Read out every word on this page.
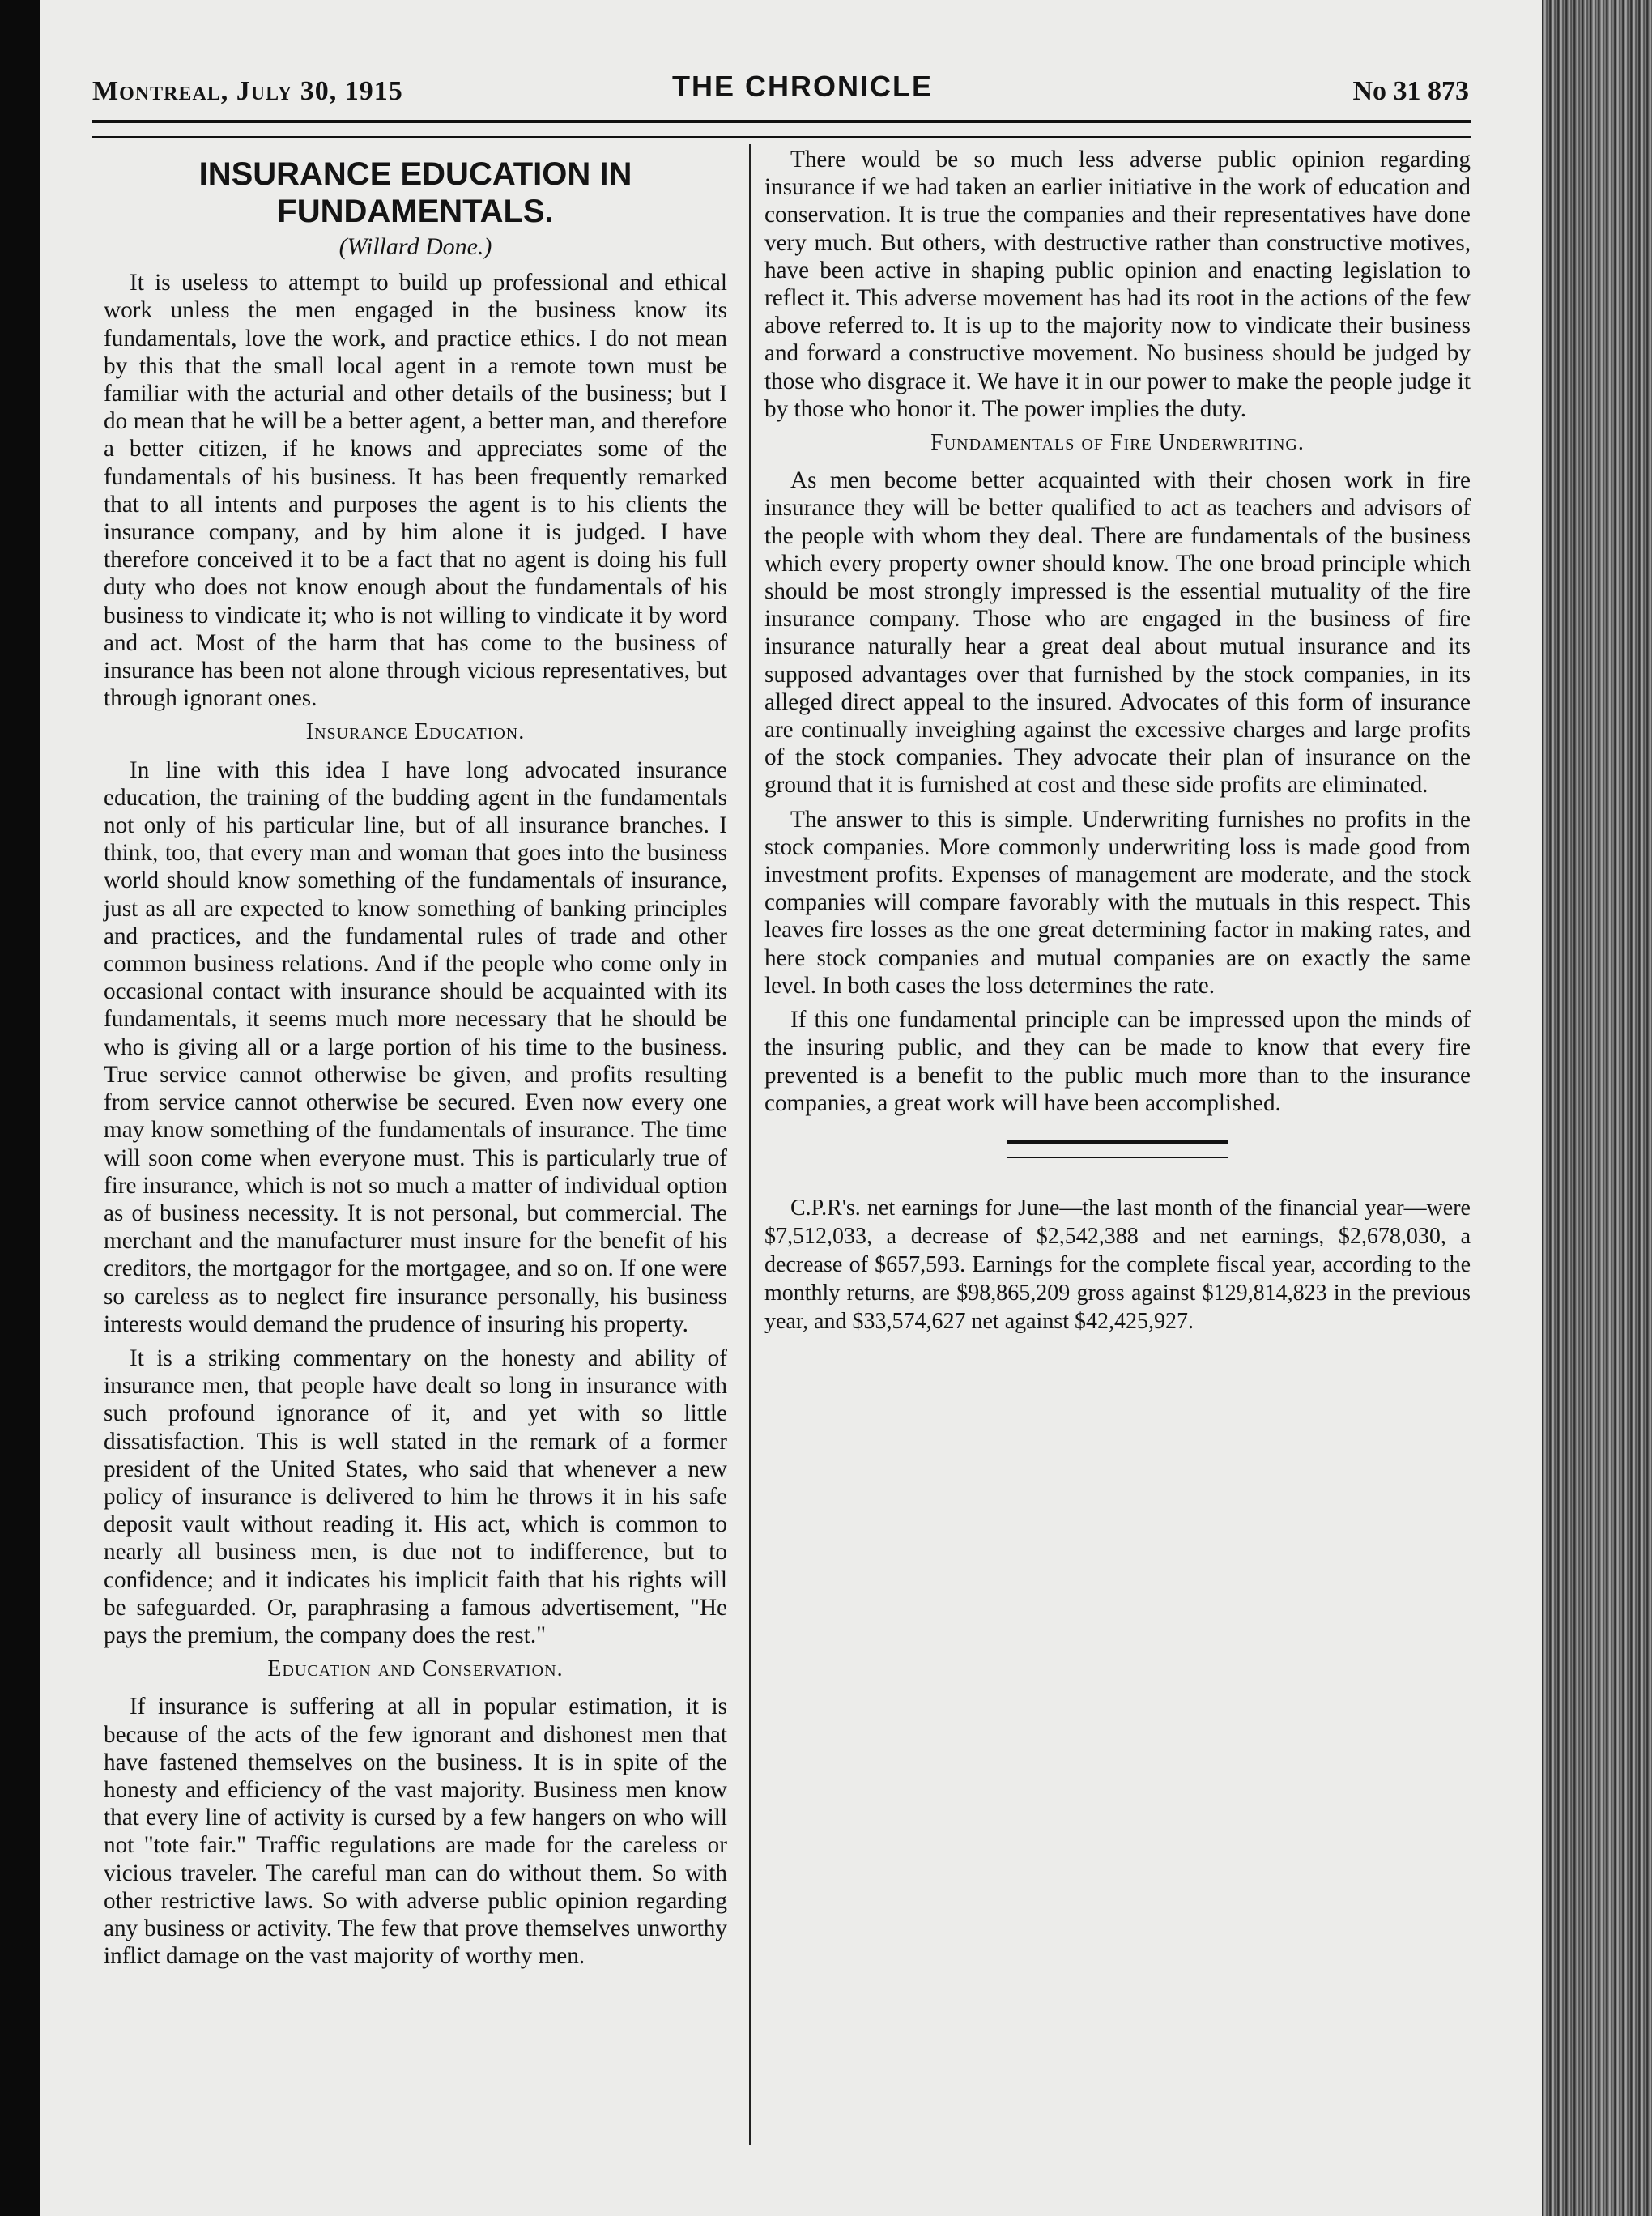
Montreal, July 30, 1915	THE CHRONICLE	No 31 873
INSURANCE EDUCATION IN FUNDAMENTALS.
(Willard Done.)

It is useless to attempt to build up professional and ethical work unless the men engaged in the business know its fundamentals, love the work, and practice ethics. I do not mean by this that the small local agent in a remote town must be familiar with the acturial and other details of the business; but I do mean that he will be a better agent, a better man, and therefore a better citizen, if he knows and appreciates some of the fundamentals of his business. It has been frequently remarked that to all intents and purposes the agent is to his clients the insurance company, and by him alone it is judged. I have therefore conceived it to be a fact that no agent is doing his full duty who does not know enough about the fundamentals of his business to vindicate it; who is not willing to vindicate it by word and act. Most of the harm that has come to the business of insurance has been not alone through vicious representatives, but through ignorant ones.

Insurance Education.

In line with this idea I have long advocated insurance education, the training of the budding agent in the fundamentals not only of his particular line, but of all insurance branches. I think, too, that every man and woman that goes into the business world should know something of the fundamentals of insurance, just as all are expected to know something of banking principles and practices, and the fundamental rules of trade and other common business relations. And if the people who come only in occasional contact with insurance should be acquainted with its fundamentals, it seems much more necessary that he should be who is giving all or a large portion of his time to the business. True service cannot otherwise be given, and profits resulting from service cannot otherwise be secured. Even now every one may know something of the fundamentals of insurance. The time will soon come when everyone must. This is particularly true of fire insurance, which is not so much a matter of individual option as of business necessity. It is not personal, but commercial. The merchant and the manufacturer must insure for the benefit of his creditors, the mortgagor for the mortgagee, and so on. If one were so careless as to neglect fire insurance personally, his business interests would demand the prudence of insuring his property.

It is a striking commentary on the honesty and ability of insurance men, that people have dealt so long in insurance with such profound ignorance of it, and yet with so little dissatisfaction. This is well stated in the remark of a former president of the United States, who said that whenever a new policy of insurance is delivered to him he throws it in his safe deposit vault without reading it. His act, which is common to nearly all business men, is due not to indifference, but to confidence; and it indicates his implicit faith that his rights will be safeguarded. Or, paraphrasing a famous advertisement, "He pays the premium, the company does the rest."

Education and Conservation.

If insurance is suffering at all in popular estimation, it is because of the acts of the few ignorant and dishonest men that have fastened themselves on the business. It is in spite of the honesty and efficiency of the vast majority. Business men know that every line of activity is cursed by a few hangers on who will not "tote fair." Traffic regulations are made for the careless or vicious traveler. The careful man can do without them. So with other restrictive laws. So with adverse public opinion regarding any business or activity. The few that prove themselves unworthy inflict damage on the vast majority of worthy men.

There would be so much less adverse public opinion regarding insurance if we had taken an earlier initiative in the work of education and conservation. It is true the companies and their representatives have done very much. But others, with destructive rather than constructive motives, have been active in shaping public opinion and enacting legislation to reflect it. This adverse movement has had its root in the actions of the few above referred to. It is up to the majority now to vindicate their business and forward a constructive movement. No business should be judged by those who disgrace it. We have it in our power to make the people judge it by those who honor it. The power implies the duty.

Fundamentals of Fire Underwriting.

As men become better acquainted with their chosen work in fire insurance they will be better qualified to act as teachers and advisors of the people with whom they deal. There are fundamentals of the business which every property owner should know. The one broad principle which should be most strongly impressed is the essential mutuality of the fire insurance company. Those who are engaged in the business of fire insurance naturally hear a great deal about mutual insurance and its supposed advantages over that furnished by the stock companies, in its alleged direct appeal to the insured. Advocates of this form of insurance are continually inveighing against the excessive charges and large profits of the stock companies. They advocate their plan of insurance on the ground that it is furnished at cost and these side profits are eliminated.

The answer to this is simple. Underwriting furnishes no profits in the stock companies. More commonly underwriting loss is made good from investment profits. Expenses of management are moderate, and the stock companies will compare favorably with the mutuals in this respect. This leaves fire losses as the one great determining factor in making rates, and here stock companies and mutual companies are on exactly the same level. In both cases the loss determines the rate.

If this one fundamental principle can be impressed upon the minds of the insuring public, and they can be made to know that every fire prevented is a benefit to the public much more than to the insurance companies, a great work will have been accomplished.

C.P.R's. net earnings for June—the last month of the financial year—were $7,512,033, a decrease of $2,542,388 and net earnings, $2,678,030, a decrease of $657,593. Earnings for the complete fiscal year, according to the monthly returns, are $98,865,209 gross against $129,814,823 in the previous year, and $33,574,627 net against $42,425,927.
